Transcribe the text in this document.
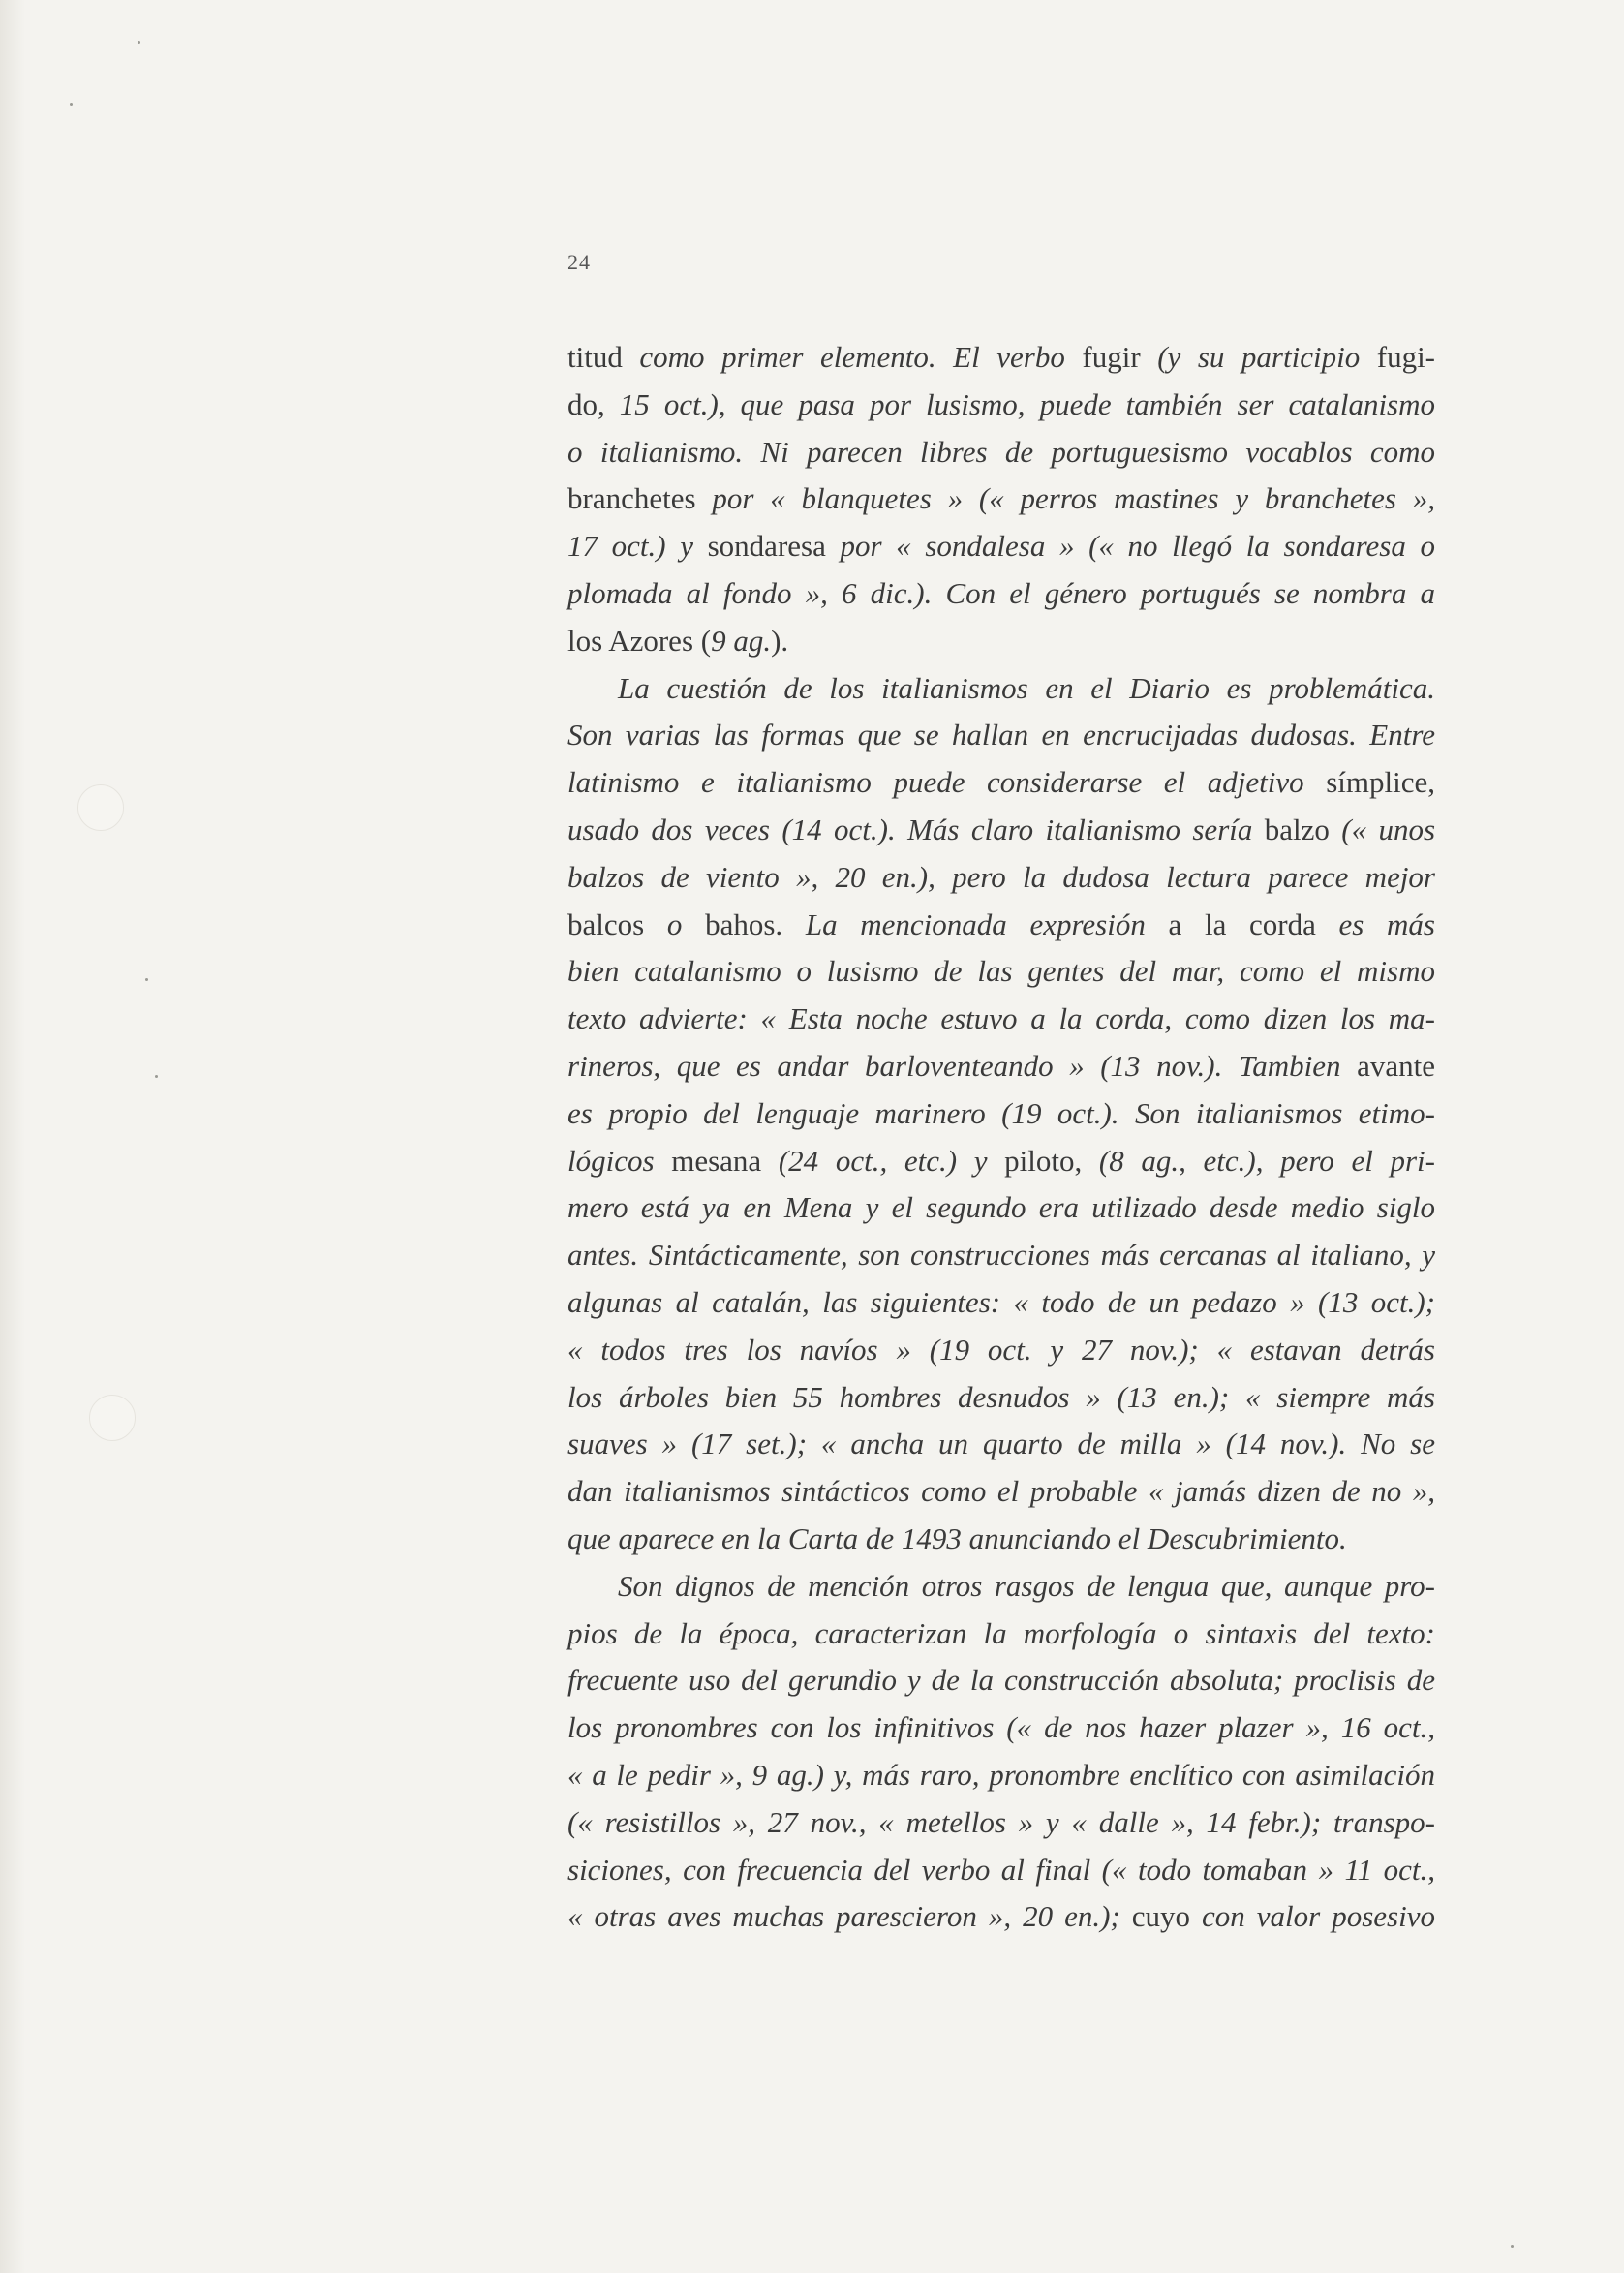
24
titud como primer elemento. El verbo fugir (y su participio fugi-
do, 15 oct.), que pasa por lusismo, puede también ser catalanismo
o italianismo. Ni parecen libres de portuguesismo vocablos como
branchetes por « blanquetes » (« perros mastines y branchetes »,
17 oct.) y sondaresa por « sondalesa » (« no llegó la sondaresa o
plomada al fondo », 6 dic.). Con el género portugués se nombra a
los Azores (9 ag.).
La cuestión de los italianismos en el Diario es problemática.
Son varias las formas que se hallan en encrucijadas dudosas. Entre
latinismo e italianismo puede considerarse el adjetivo símplice,
usado dos veces (14 oct.). Más claro italianismo sería balzo (« unos
balzos de viento », 20 en.), pero la dudosa lectura parece mejor
balcos o bahos. La mencionada expresión a la corda es más
bien catalanismo o lusismo de las gentes del mar, como el mismo
texto advierte: « Esta noche estuvo a la corda, como dizen los ma-
rineros, que es andar barloventeando » (13 nov.). Tambien avante
es propio del lenguaje marinero (19 oct.). Son italianismos etimo-
lógicos mesana (24 oct., etc.) y piloto, (8 ag., etc.), pero el pri-
mero está ya en Mena y el segundo era utilizado desde medio siglo
antes. Sintácticamente, son construcciones más cercanas al italiano, y
algunas al catalán, las siguientes: « todo de un pedazo » (13 oct.);
« todos tres los navíos » (19 oct. y 27 nov.); « estavan detrás
los árboles bien 55 hombres desnudos » (13 en.); « siempre más
suaves » (17 set.); « ancha un quarto de milla » (14 nov.). No se
dan italianismos sintácticos como el probable « jamás dizen de no »,
que aparece en la Carta de 1493 anunciando el Descubrimiento.
Son dignos de mención otros rasgos de lengua que, aunque pro-
pios de la época, caracterizan la morfología o sintaxis del texto:
frecuente uso del gerundio y de la construcción absoluta; proclisis de
los pronombres con los infinitivos (« de nos hazer plazer », 16 oct.,
« a le pedir », 9 ag.) y, más raro, pronombre enclítico con asimilación
(« resistillos », 27 nov., « metellos » y « dalle », 14 febr.); transpo-
siciones, con frecuencia del verbo al final (« todo tomaban » 11 oct.,
« otras aves muchas parescieron », 20 en.); cuyo con valor posesivo
